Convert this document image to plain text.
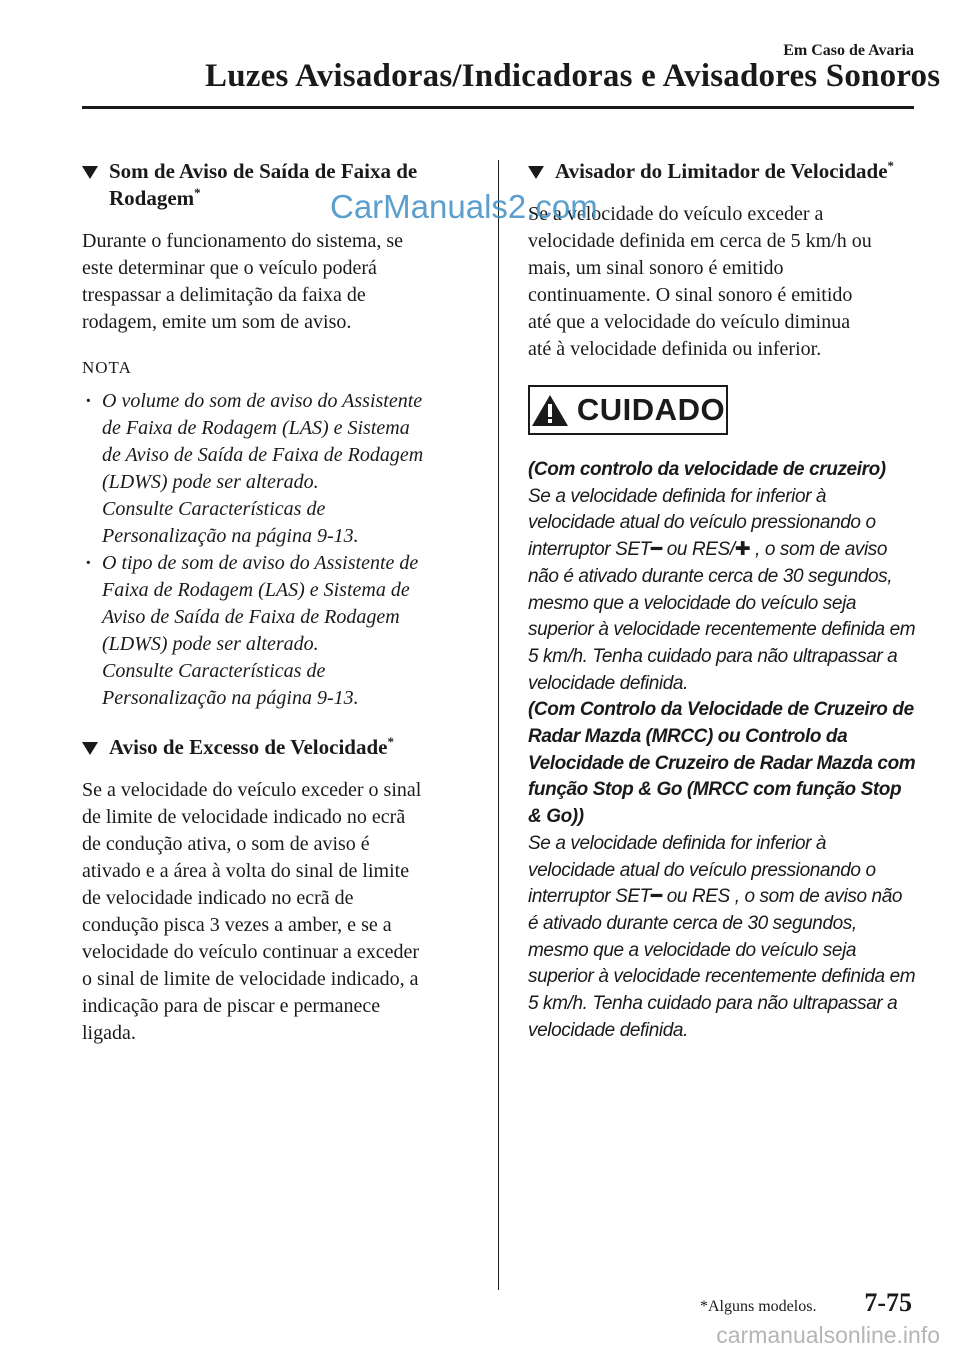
Em Caso de Avaria
Luzes Avisadoras/Indicadoras e Avisadores Sonoros
CarManuals2.com
Som de Aviso de Saída de Faixa de Rodagem*

Durante o funcionamento do sistema, se
este determinar que o veículo poderá
trespassar a delimitação da faixa de
rodagem, emite um som de aviso.

NOTA

· O volume do som de aviso do Assistente
de Faixa de Rodagem (LAS) e Sistema
de Aviso de Saída de Faixa de Rodagem
(LDWS) pode ser alterado.
Consulte Características de
Personalização na página 9-13.
· O tipo de som de aviso do Assistente de
Faixa de Rodagem (LAS) e Sistema de
Aviso de Saída de Faixa de Rodagem
(LDWS) pode ser alterado.
Consulte Características de
Personalização na página 9-13.
Aviso de Excesso de Velocidade*

Se a velocidade do veículo exceder o sinal
de limite de velocidade indicado no ecrã
de condução ativa, o som de aviso é
ativado e a área à volta do sinal de limite
de velocidade indicado no ecrã de
condução pisca 3 vezes a amber, e se a
velocidade do veículo continuar a exceder
o sinal de limite de velocidade indicado, a
indicação para de piscar e permanece
ligada.

Avisador do Limitador de Velocidade*

Se a velocidade do veículo exceder a
velocidade definida em cerca de 5 km/h ou
mais, um sinal sonoro é emitido
continuamente. O sinal sonoro é emitido
até que a velocidade do veículo diminua
até à velocidade definida ou inferior.

CUIDADO

(Com controlo da velocidade de cruzeiro)

Se a velocidade definida for inferior à velocidade atual do veículo pressionando o interruptor SET━ ou RES/✚ , o som de aviso não é ativado durante cerca de 30 segundos, mesmo que a velocidade do veículo seja superior à velocidade recentemente definida em 5 km/h. Tenha cuidado para não ultrapassar a velocidade definida.

(Com Controlo da Velocidade de Cruzeiro de Radar Mazda (MRCC) ou Controlo da Velocidade de Cruzeiro de Radar Mazda com função Stop & Go (MRCC com função Stop & Go))

Se a velocidade definida for inferior à velocidade atual do veículo pressionando o interruptor SET━ ou RES , o som de aviso não é ativado durante cerca de 30 segundos, mesmo que a velocidade do veículo seja superior à velocidade recentemente definida em 5 km/h. Tenha cuidado para não ultrapassar a velocidade definida.

*Alguns modelos. 7-75
carmanualsonline.info
